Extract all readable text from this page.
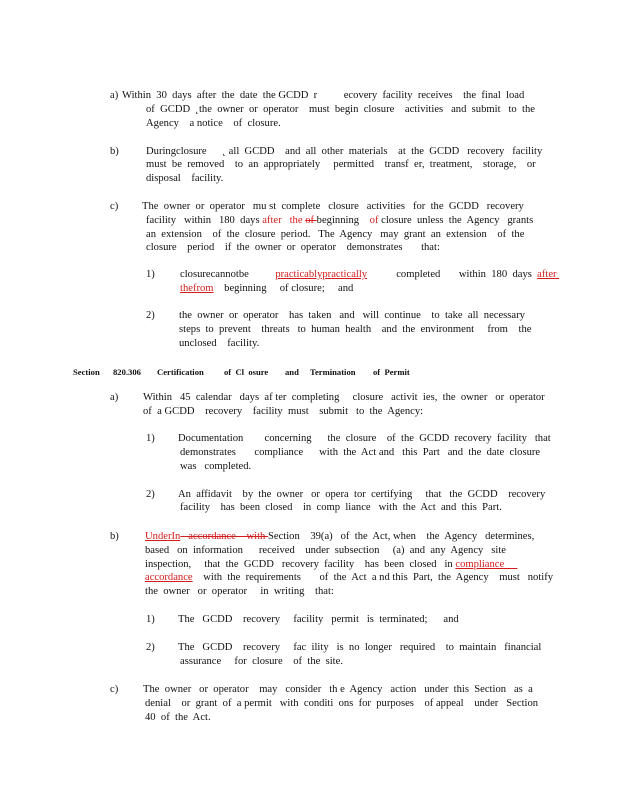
a) Within  30  days  after  the  date  the GCDD  r          ecovery  facility  receives    the  final  load
of  GCDD  ˛the  owner  or  operator    must  begin  closure    activities   and  submit   to  the
Agency    a notice    of  closure.
b)	Duringclosure      ˛ all  GCDD    and  all  other  materials    at  the  GCDD   recovery   facility
must  be  removed    to  an  appropriately     permitted    transf  er,  treatment,    storage,    or
disposal    facility.
c) The  owner  or  operator   mu st  complete   closure   activities   for  the  GCDD   recovery
facility   within   180  days after   the of beginning    of closure  unless  the  Agency   grants
an  extension    of  the  closure  period.   The  Agency   may  grant  an  extension    of  the
closure    period    if  the  owner  or  operator    demonstrates       that:
1) closurecannotbe          practicablypractically           completed       within  180  days  after
thefrom    beginning     of closure;     and
2) the  owner  or  operator    has  taken   and   will  continue    to  take  all  necessary
steps  to  prevent    threats   to  human  health    and  the  environment     from    the
unclosed    facility.
Section 820.306 Certification of  Cl  osure and Termination of  Permit
a) Within   45  calendar   days  af ter  completing     closure   activit  ies,  the  owner   or  operator
of  a GCDD    recovery    facility  must    submit   to  the  Agency:
1) Documentation        concerning      the  closure    of  the  GCDD  recovery  facility   that
demonstrates       compliance      with  the  Act and   this  Part   and  the  date  closure
was   completed.
2) An  affidavit    by  the  owner   or  opera  tor  certifying     that   the  GCDD    recovery
facility    has  been  closed    in  comp  liance   with  the  Act  and  this  Part.
b) UnderIn   accordance    with Section    39(a)   of  the  Act, when    the  Agency   determines,
based   on  information      received    under  subsection     (a)  and  any  Agency   site
inspection,     that  the  GCDD   recovery  facility    has  been  closed   in compliance
accordance    with  the  requirements       of  the  Act  a nd this  Part,  the  Agency    must   notify
the  owner   or  operator     in  writing    that:
1) The   GCDD    recovery     facility   permit   is  terminated;      and
2) The   GCDD    recovery     fac  ility   is  no  longer   required    to  maintain   financial
assurance     for  closure    of  the  site.
c) The  owner   or  operator    may   consider   th e  Agency   action   under  this  Section   as  a
denial    or  grant  of  a permit   with  conditi  ons  for  purposes    of appeal    under   Section
40  of  the  Act.
